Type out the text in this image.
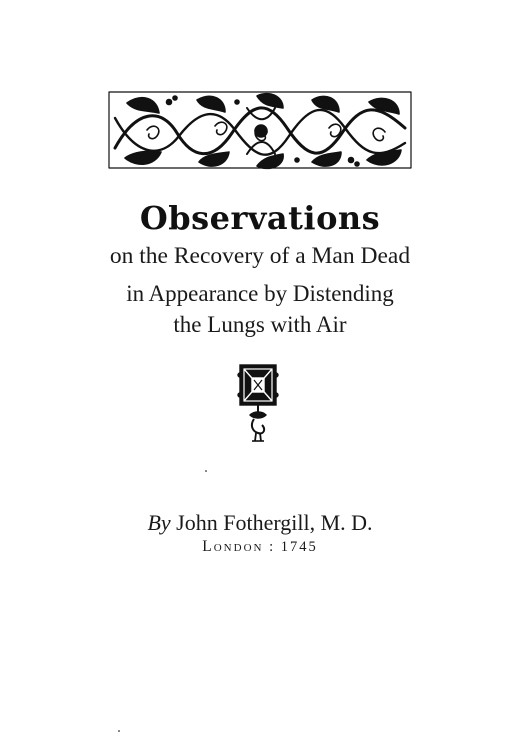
Observations
on the Recovery of a Man Dead
in Appearance by Distending
the Lungs with Air
By John Fothergill, M. D.
London : 1745
